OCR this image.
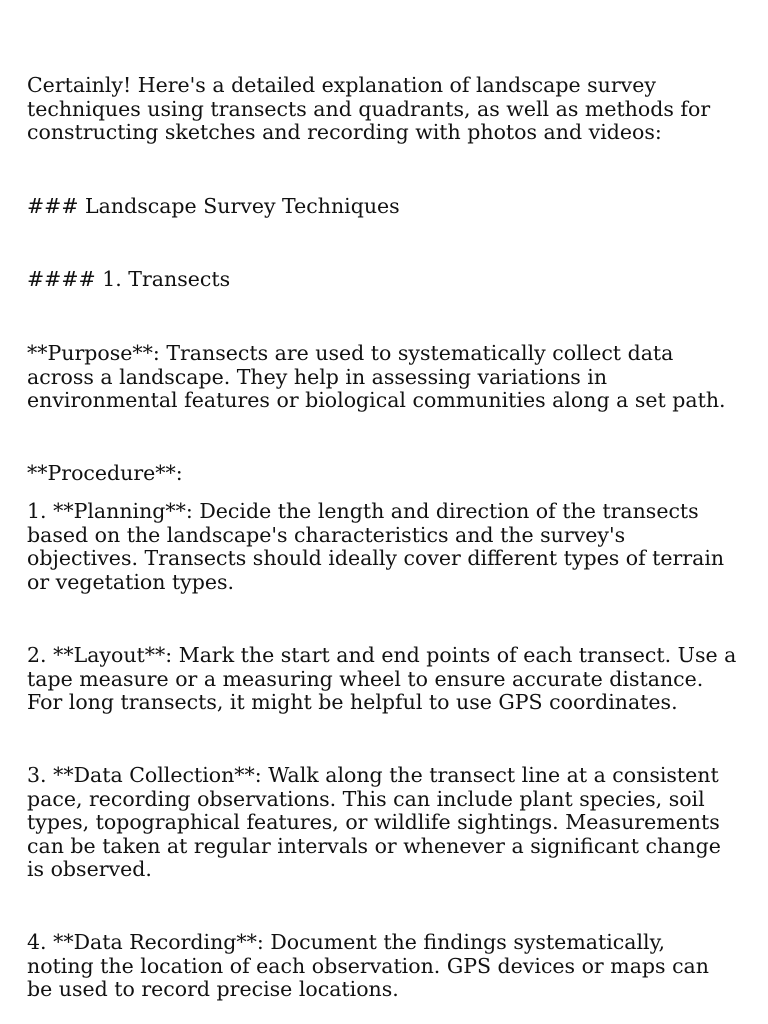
Certainly! Here's a detailed explanation of landscape survey
techniques using transects and quadrants, as well as methods for
constructing sketches and recording with photos and videos:

### Landscape Survey Techniques

#### 1. Transects

**Purpose**: Transects are used to systematically collect data
across a landscape. They help in assessing variations in
environmental features or biological communities along a set path.

**Procedure**:

1. **Planning**: Decide the length and direction of the transects
based on the landscape's characteristics and the survey's
objectives. Transects should ideally cover different types of terrain
or vegetation types.

2. **Layout**: Mark the start and end points of each transect. Use a
tape measure or a measuring wheel to ensure accurate distance.
For long transects, it might be helpful to use GPS coordinates.

3. **Data Collection**: Walk along the transect line at a consistent
pace, recording observations. This can include plant species, soil
types, topographical features, or wildlife sightings. Measurements
can be taken at regular intervals or whenever a significant change
is observed.

4. **Data Recording**: Document the findings systematically,
noting the location of each observation. GPS devices or maps can
be used to record precise locations.
